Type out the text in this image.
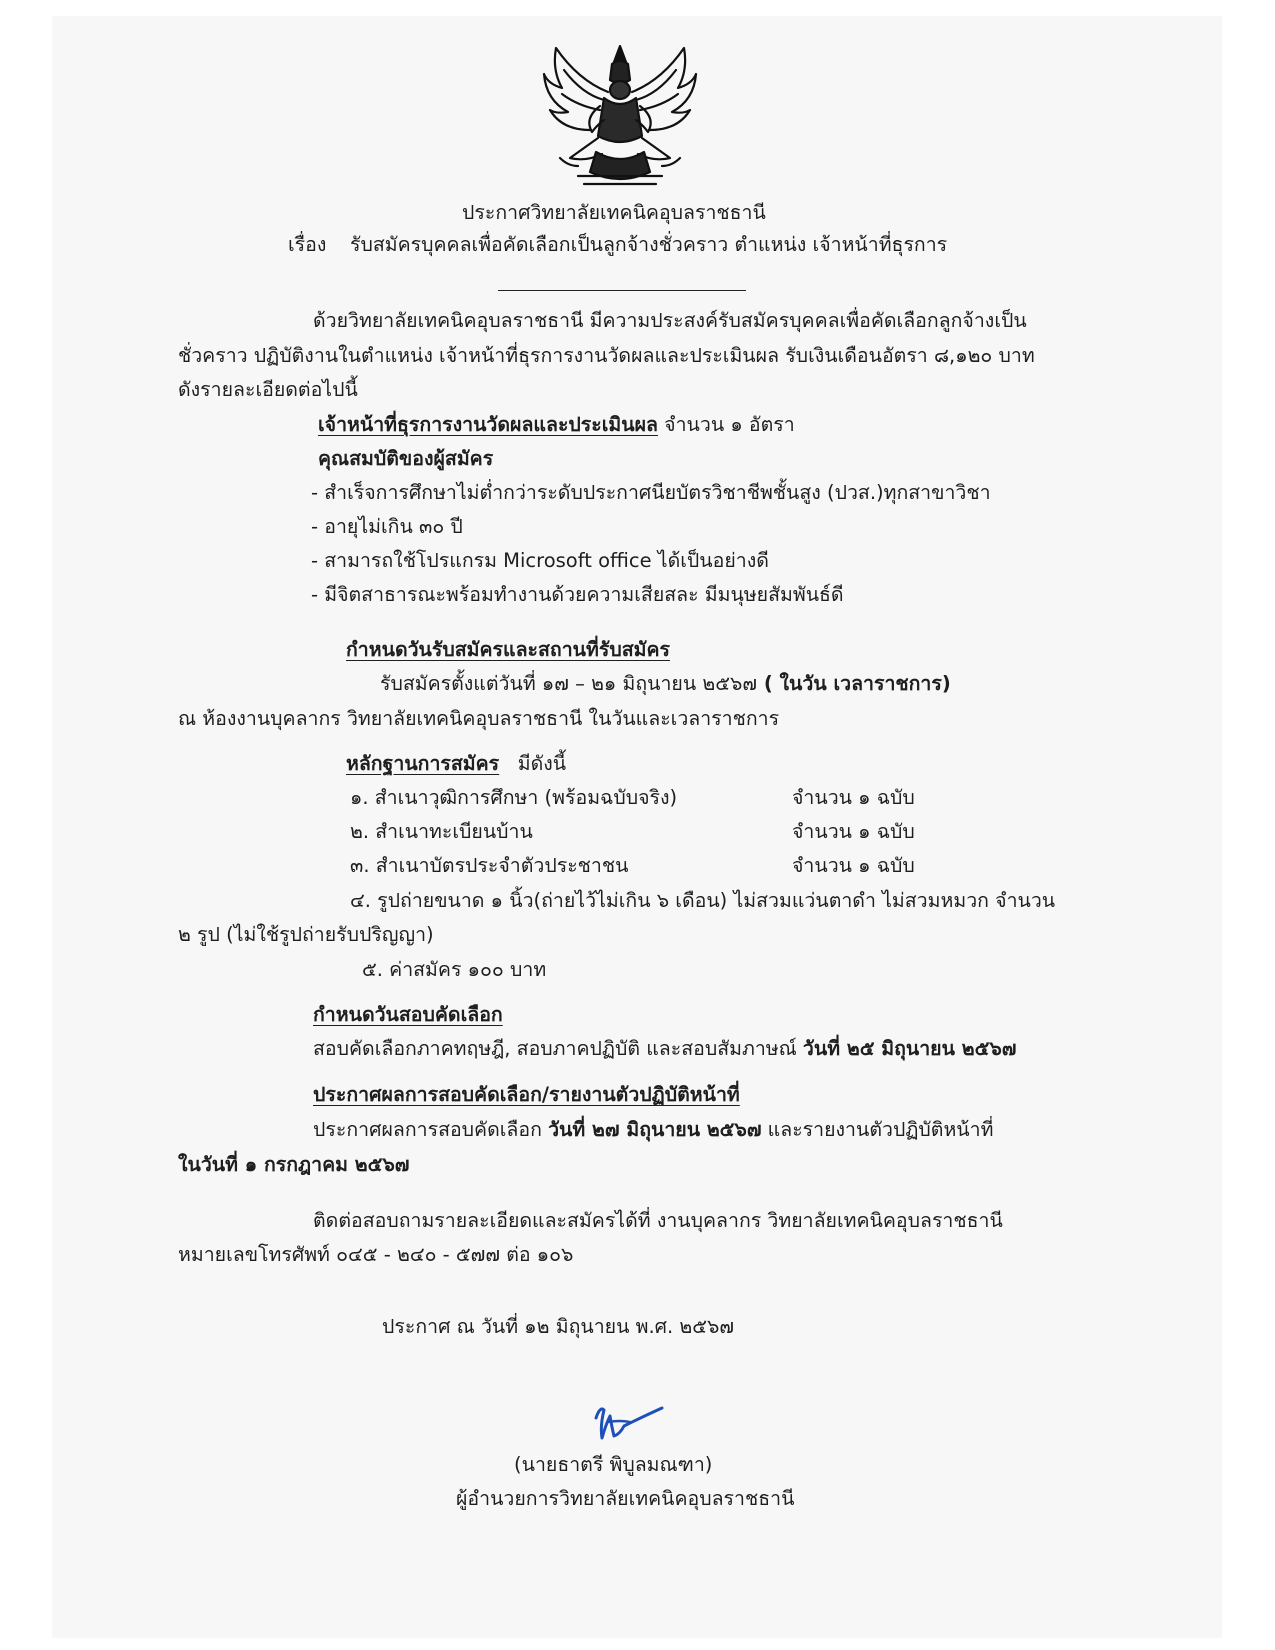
ประกาศวิทยาลัยเทคนิคอุบลราชธานี
เรื่อง รับสมัครบุคคลเพื่อคัดเลือกเป็นลูกจ้างชั่วคราว ตำแหน่ง เจ้าหน้าที่ธุรการ
ด้วยวิทยาลัยเทคนิคอุบลราชธานี มีความประสงค์รับสมัครบุคคลเพื่อคัดเลือกลูกจ้างเป็น
ชั่วคราว ปฏิบัติงานในตำแหน่ง เจ้าหน้าที่ธุรการงานวัดผลและประเมินผล รับเงินเดือนอัตรา ๘,๑๒๐ บาท
ดังรายละเอียดต่อไปนี้
เจ้าหน้าที่ธุรการงานวัดผลและประเมินผล จำนวน ๑ อัตรา
คุณสมบัติของผู้สมัคร
- สำเร็จการศึกษาไม่ต่ำกว่าระดับประกาศนียบัตรวิชาชีพชั้นสูง (ปวส.)ทุกสาขาวิชา
- อายุไม่เกิน ๓๐ ปี
- สามารถใช้โปรแกรม Microsoft office ได้เป็นอย่างดี
- มีจิตสาธารณะพร้อมทำงานด้วยความเสียสละ มีมนุษยสัมพันธ์ดี
กำหนดวันรับสมัครและสถานที่รับสมัคร
รับสมัครตั้งแต่วันที่ ๑๗ – ๒๑ มิถุนายน ๒๕๖๗ ( ในวัน เวลาราชการ)
ณ ห้องงานบุคลากร วิทยาลัยเทคนิคอุบลราชธานี ในวันและเวลาราชการ
หลักฐานการสมัคร มีดังนี้
๑. สำเนาวุฒิการศึกษา (พร้อมฉบับจริง)	จำนวน ๑ ฉบับ
๒. สำเนาทะเบียนบ้าน	จำนวน ๑ ฉบับ
๓. สำเนาบัตรประจำตัวประชาชน	จำนวน ๑ ฉบับ
๔. รูปถ่ายขนาด ๑ นิ้ว(ถ่ายไว้ไม่เกิน ๖ เดือน) ไม่สวมแว่นตาดำ ไม่สวมหมวก จำนวน
๒ รูป (ไม่ใช้รูปถ่ายรับปริญญา)
๕. ค่าสมัคร ๑๐๐ บาท
กำหนดวันสอบคัดเลือก
สอบคัดเลือกภาคทฤษฎี, สอบภาคปฏิบัติ และสอบสัมภาษณ์ วันที่ ๒๕ มิถุนายน ๒๕๖๗
ประกาศผลการสอบคัดเลือก/รายงานตัวปฏิบัติหน้าที่
ประกาศผลการสอบคัดเลือก วันที่ ๒๗ มิถุนายน ๒๕๖๗ และรายงานตัวปฏิบัติหน้าที่
ในวันที่ ๑ กรกฎาคม ๒๕๖๗
ติดต่อสอบถามรายละเอียดและสมัครได้ที่ งานบุคลากร วิทยาลัยเทคนิคอุบลราชธานี
หมายเลขโทรศัพท์ ๐๔๕ - ๒๔๐ - ๕๗๗ ต่อ ๑๐๖
ประกาศ ณ วันที่ ๑๒ มิถุนายน พ.ศ. ๒๕๖๗
(นายธาตรี พิบูลมณฑา)
ผู้อำนวยการวิทยาลัยเทคนิคอุบลราชธานี
